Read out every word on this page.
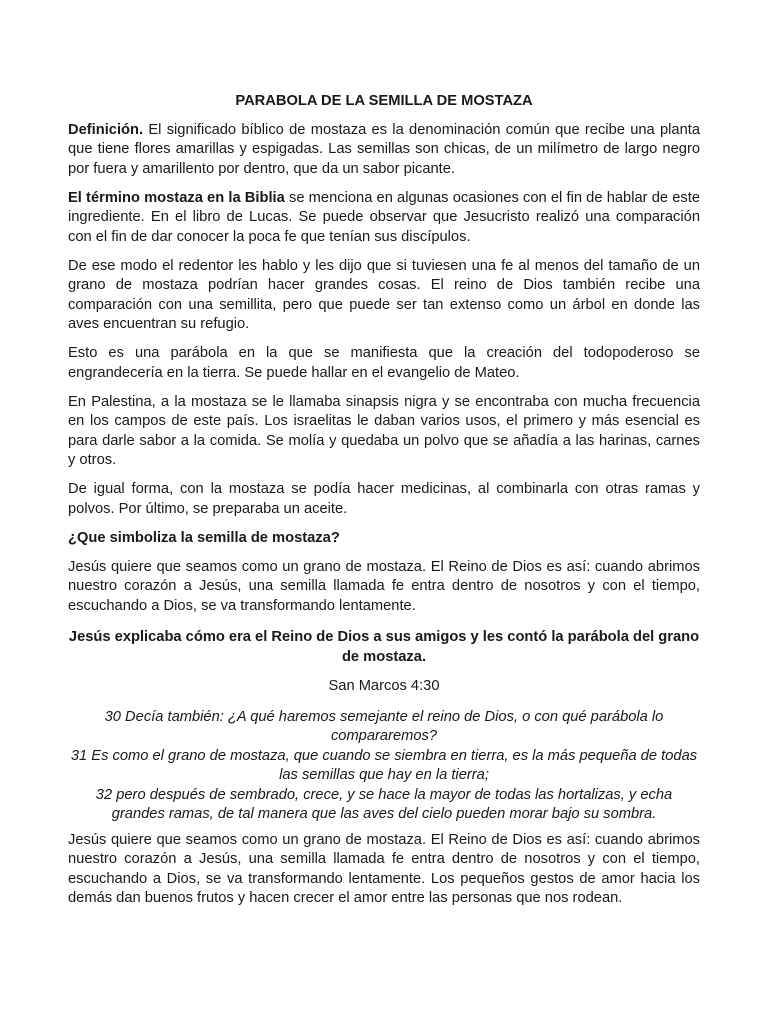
PARABOLA DE LA SEMILLA DE MOSTAZA

Definición. El significado bíblico de mostaza es la denominación común que recibe una planta que tiene flores amarillas y espigadas. Las semillas son chicas, de un milímetro de largo negro por fuera y amarillento por dentro, que da un sabor picante.

El término mostaza en la Biblia se menciona en algunas ocasiones con el fin de hablar de este ingrediente. En el libro de Lucas. Se puede observar que Jesucristo realizó una comparación con el fin de dar conocer la poca fe que tenían sus discípulos.

De ese modo el redentor les hablo y les dijo que si tuviesen una fe al menos del tamaño de un grano de mostaza podrían hacer grandes cosas. El reino de Dios también recibe una comparación con una semillita, pero que puede ser tan extenso como un árbol en donde las aves encuentran su refugio.

Esto es una parábola en la que se manifiesta que la creación del todopoderoso se engrandecería en la tierra. Se puede hallar en el evangelio de Mateo.

En Palestina, a la mostaza se le llamaba sinapsis nigra y se encontraba con mucha frecuencia en los campos de este país. Los israelitas le daban varios usos, el primero y más esencial es para darle sabor a la comida. Se molía y quedaba un polvo que se añadía a las harinas, carnes y otros.

De igual forma, con la mostaza se podía hacer medicinas, al combinarla con otras ramas y polvos. Por último, se preparaba un aceite.

¿Que simboliza la semilla de mostaza?

Jesús quiere que seamos como un grano de mostaza. El Reino de Dios es así: cuando abrimos nuestro corazón a Jesús, una semilla llamada fe entra dentro de nosotros y con el tiempo, escuchando a Dios, se va transformando lentamente.

Jesús explicaba cómo era el Reino de Dios a sus amigos y les contó la parábola del grano de mostaza.
San Marcos 4:30
30 Decía también: ¿A qué haremos semejante el reino de Dios, o con qué parábola lo compararemos?
31 Es como el grano de mostaza, que cuando se siembra en tierra, es la más pequeña de todas las semillas que hay en la tierra;
32 pero después de sembrado, crece, y se hace la mayor de todas las hortalizas, y echa grandes ramas, de tal manera que las aves del cielo pueden morar bajo su sombra.

Jesús quiere que seamos como un grano de mostaza. El Reino de Dios es así: cuando abrimos nuestro corazón a Jesús, una semilla llamada fe entra dentro de nosotros y con el tiempo, escuchando a Dios, se va transformando lentamente. Los pequeños gestos de amor hacia los demás dan buenos frutos y hacen crecer el amor entre las personas que nos rodean.
